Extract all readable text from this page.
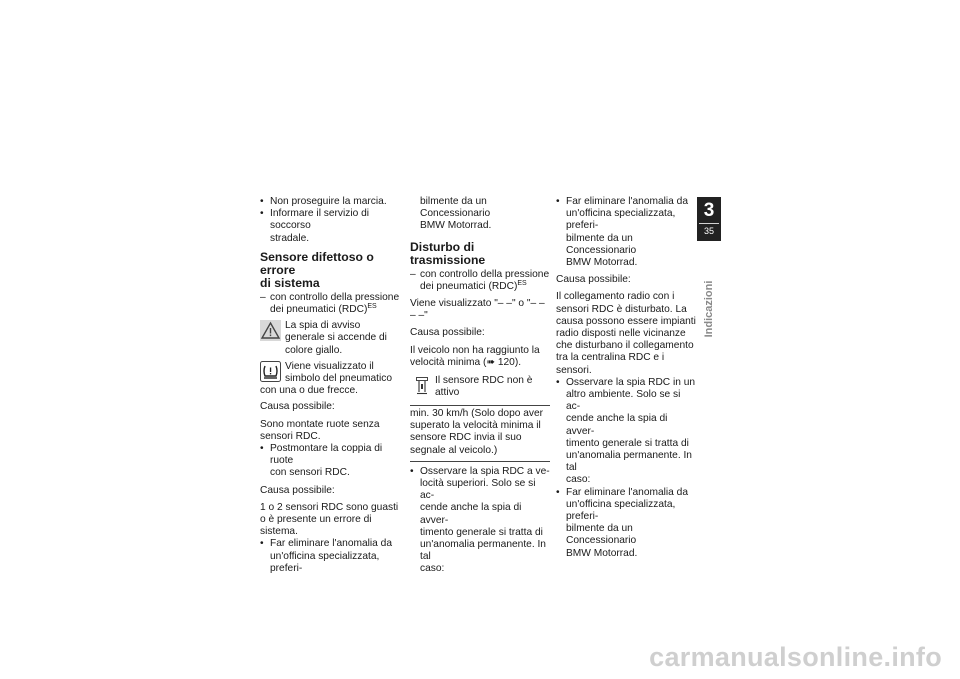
• Non proseguire la marcia.

• Informare il servizio di soccorso

stradale.

Sensore difettoso o errore
di sistema

– con controllo della pressione

dei pneumatici (RDC)$^{ES}$

La spia di avviso generale si accende di colore giallo.
Viene visualizzato il simbolo del pneumatico con una o due frecce.

Causa possibile:

Sono montate ruote senza sensori RDC.

• Postmontare la coppia di ruote

con sensori RDC.

Causa possibile:

1 o 2 sensori RDC sono guasti o è presente un errore di sistema.

• Far eliminare l'anomalia da

un'officina specializzata, preferi-

bilmente da un Concessionario

BMW Motorrad.

Disturbo di trasmissione

– con controllo della pressione

dei pneumatici (RDC)$^{ES}$

Viene visualizzato "– –" o "– – – –"

Causa possibile:

Il veicolo non ha raggiunto la velocità minima (➠ 120).

Il sensore RDC non è attivo
min. 30 km/h (Solo dopo aver superato la velocità minima il sensore RDC invia il suo segnale al veicolo.)

• Osservare la spia RDC a ve-

locità superiori. Solo se si ac-

cende anche la spia di avver-

timento generale si tratta di

un'anomalia permanente. In tal

caso:

• Far eliminare l'anomalia da

un'officina specializzata, preferi-

bilmente da un Concessionario

BMW Motorrad.

Causa possibile:

Il collegamento radio con i sensori RDC è disturbato. La causa possono essere impianti radio disposti nelle vicinanze che disturbano il collegamento tra la centralina RDC e i sensori.

• Osservare la spia RDC in un

altro ambiente. Solo se si ac-

cende anche la spia di avver-

timento generale si tratta di

un'anomalia permanente. In tal

caso:

• Far eliminare l'anomalia da

un'officina specializzata, preferi-

bilmente da un Concessionario

BMW Motorrad.

3
35
Indicazioni
carmanualsonline.info
